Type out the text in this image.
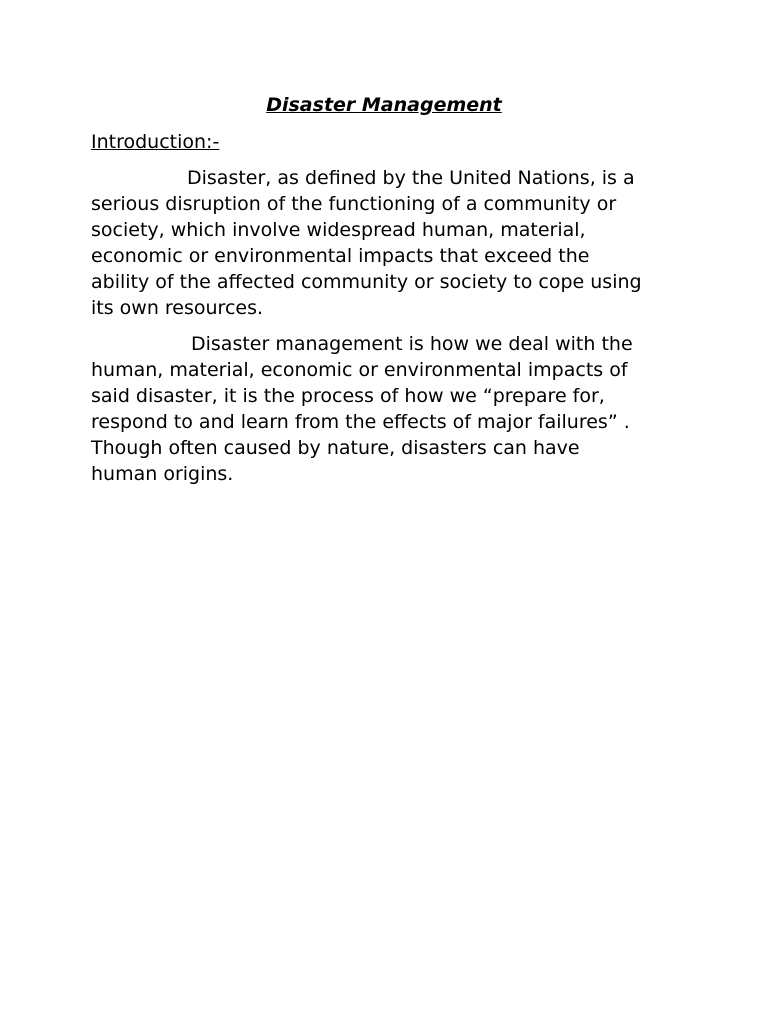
Disaster Management
Introduction:-

Disaster, as defined by the United Nations, is a
serious disruption of the functioning of a community or
society, which involve widespread human, material,
economic or environmental impacts that exceed the
ability of the affected community or society to cope using
its own resources.

Disaster management is how we deal with the
human, material, economic or environmental impacts of
said disaster, it is the process of how we “prepare for,
respond to and learn from the effects of major failures” .
Though often caused by nature, disasters can have
human origins.
